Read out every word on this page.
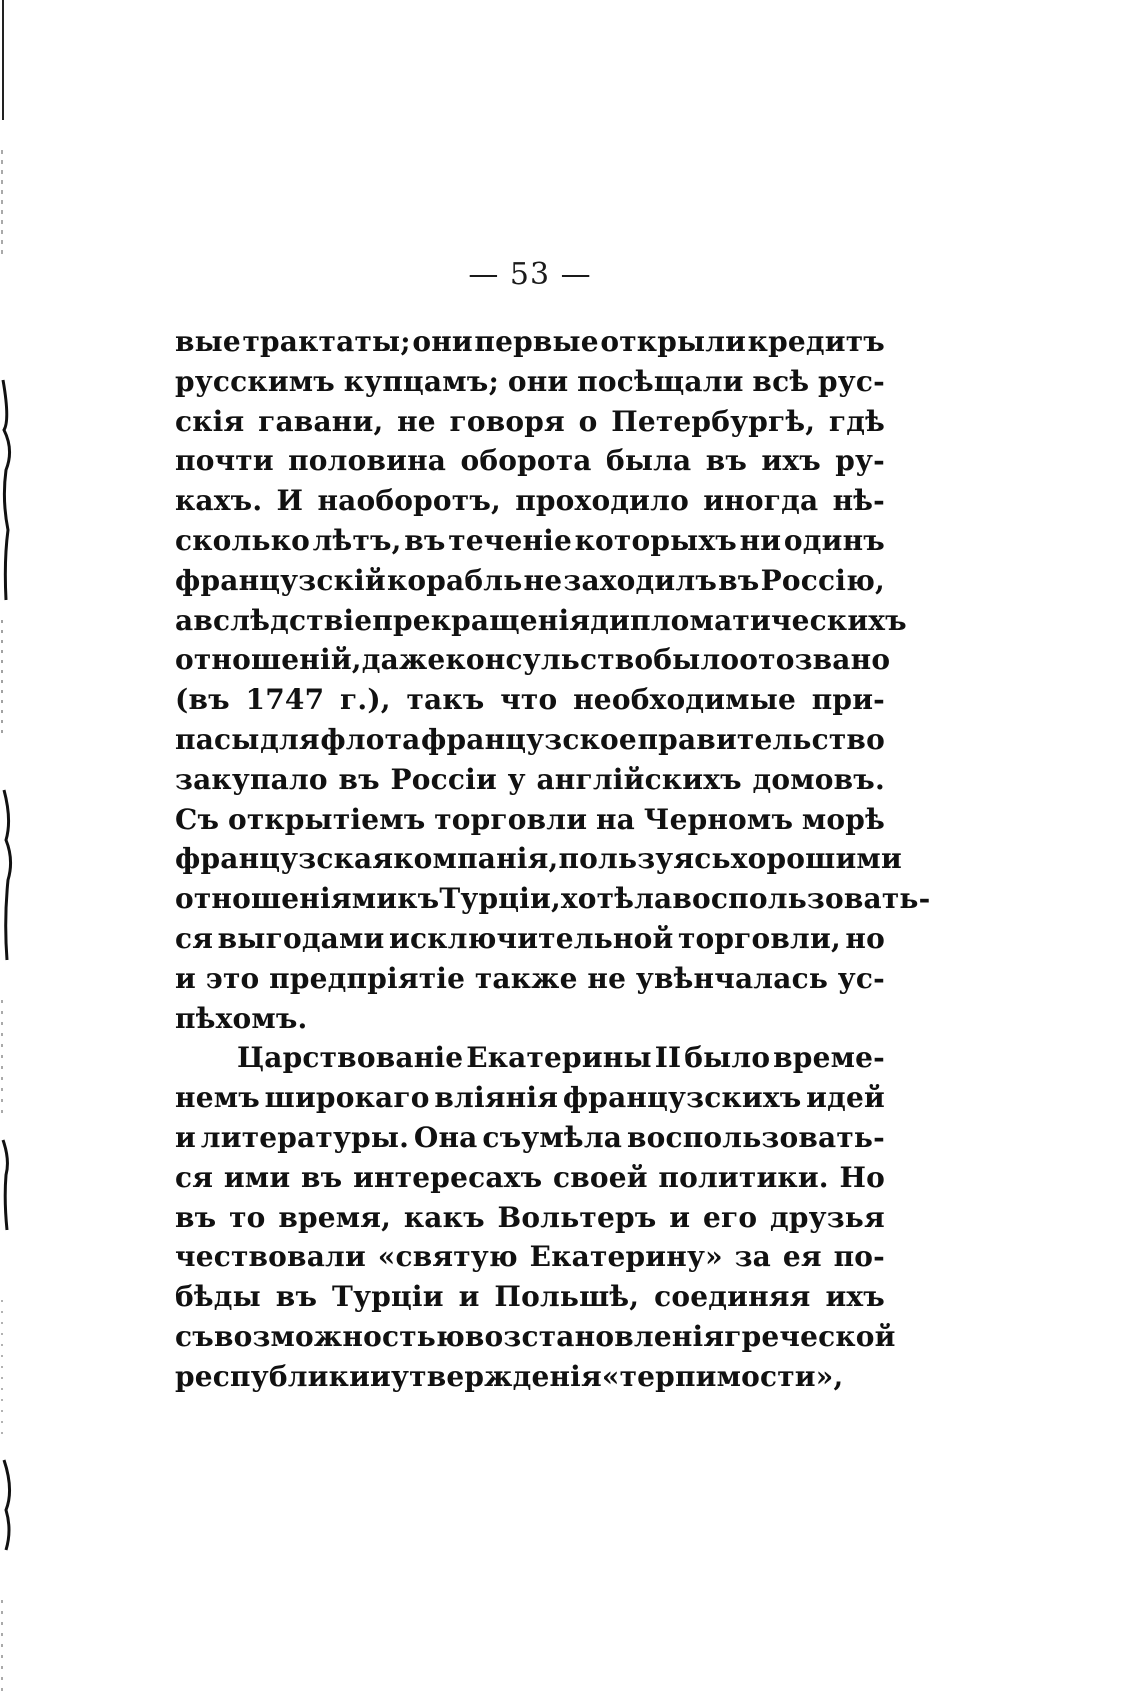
— 53 —
вые трактаты; они первые открыли кредитъ
русскимъ купцамъ; они посѣщали всѣ рус-
скія гавани, не говоря о Петербургѣ, гдѣ
почти половина оборота была въ ихъ ру-
кахъ. И наоборотъ, проходило иногда нѣ-
сколько лѣтъ, въ теченіе которыхъ ни одинъ
французскій корабль не заходилъ въ Россію,
а вслѣдствіе прекращенія дипломатическихъ
отношеній, даже консульство было отозвано
(въ 1747 г.), такъ что необходимые при-
пасы для флота французское правительство
закупало въ Россіи у англійскихъ домовъ.
Съ открытіемъ торговли на Черномъ морѣ
французская компанія, пользуясь хорошими
отношеніями къ Турціи, хотѣла воспользовать-
ся выгодами исключительной торговли, но
и это предпріятіе также не увѣнчалась ус-
пѣхомъ.
Царствованіе Екатерины II было време-
немъ широкаго вліянія французскихъ идей
и литературы. Она съумѣла воспользовать-
ся ими въ интересахъ своей политики. Но
въ то время, какъ Вольтеръ и его друзья
чествовали «святую Екатерину» за ея по-
бѣды въ Турціи и Польшѣ, соединяя ихъ
съ возможностью возстановленія греческой
республики и утвержденія «терпимости»,
